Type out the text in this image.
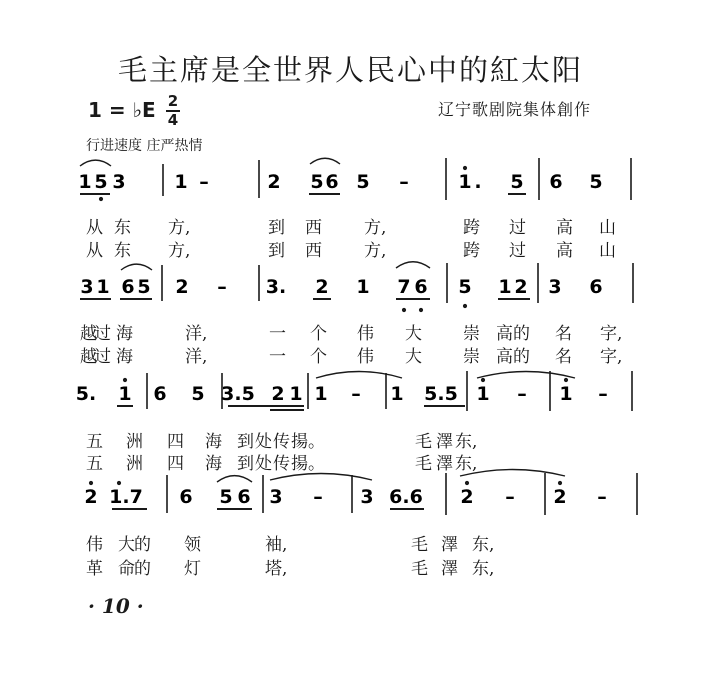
毛主席是全世界人民心中的紅太阳
1 = ♭E 2
4
辽宁歌剧院集体創作
行进速度 庄严热情
1 5 3	1 –	2 5 6 5 –	1 . 5 6 5
3 1 6 5 2 – 3. 2 1 7 6 5 1 2 3 6
5. 1 6 5 3.5 2 1 1 – 1 5.5 1 – 1 –
2 1.7 6 5 6 3 – 3 6.6 2 – 2 –
从 东 方,	到 西 方,	跨 过 高 山
从 东 方,	到 西 方,	跨 过 高 山
越
过 海	洋,	一 个 伟 大 崇 高 的 名 字,
越
过 海	洋,	一 个 伟 大 崇 高 的 名 字,
五 洲 四 海 到 处 传 揚。	毛 澤 东,
五 洲 四 海 到 处 传 揚。	毛 澤 东,
伟 大 的 领	袖,	毛 澤 东,
革 命 的 灯	塔,	毛 澤 东,
· 10 ·
